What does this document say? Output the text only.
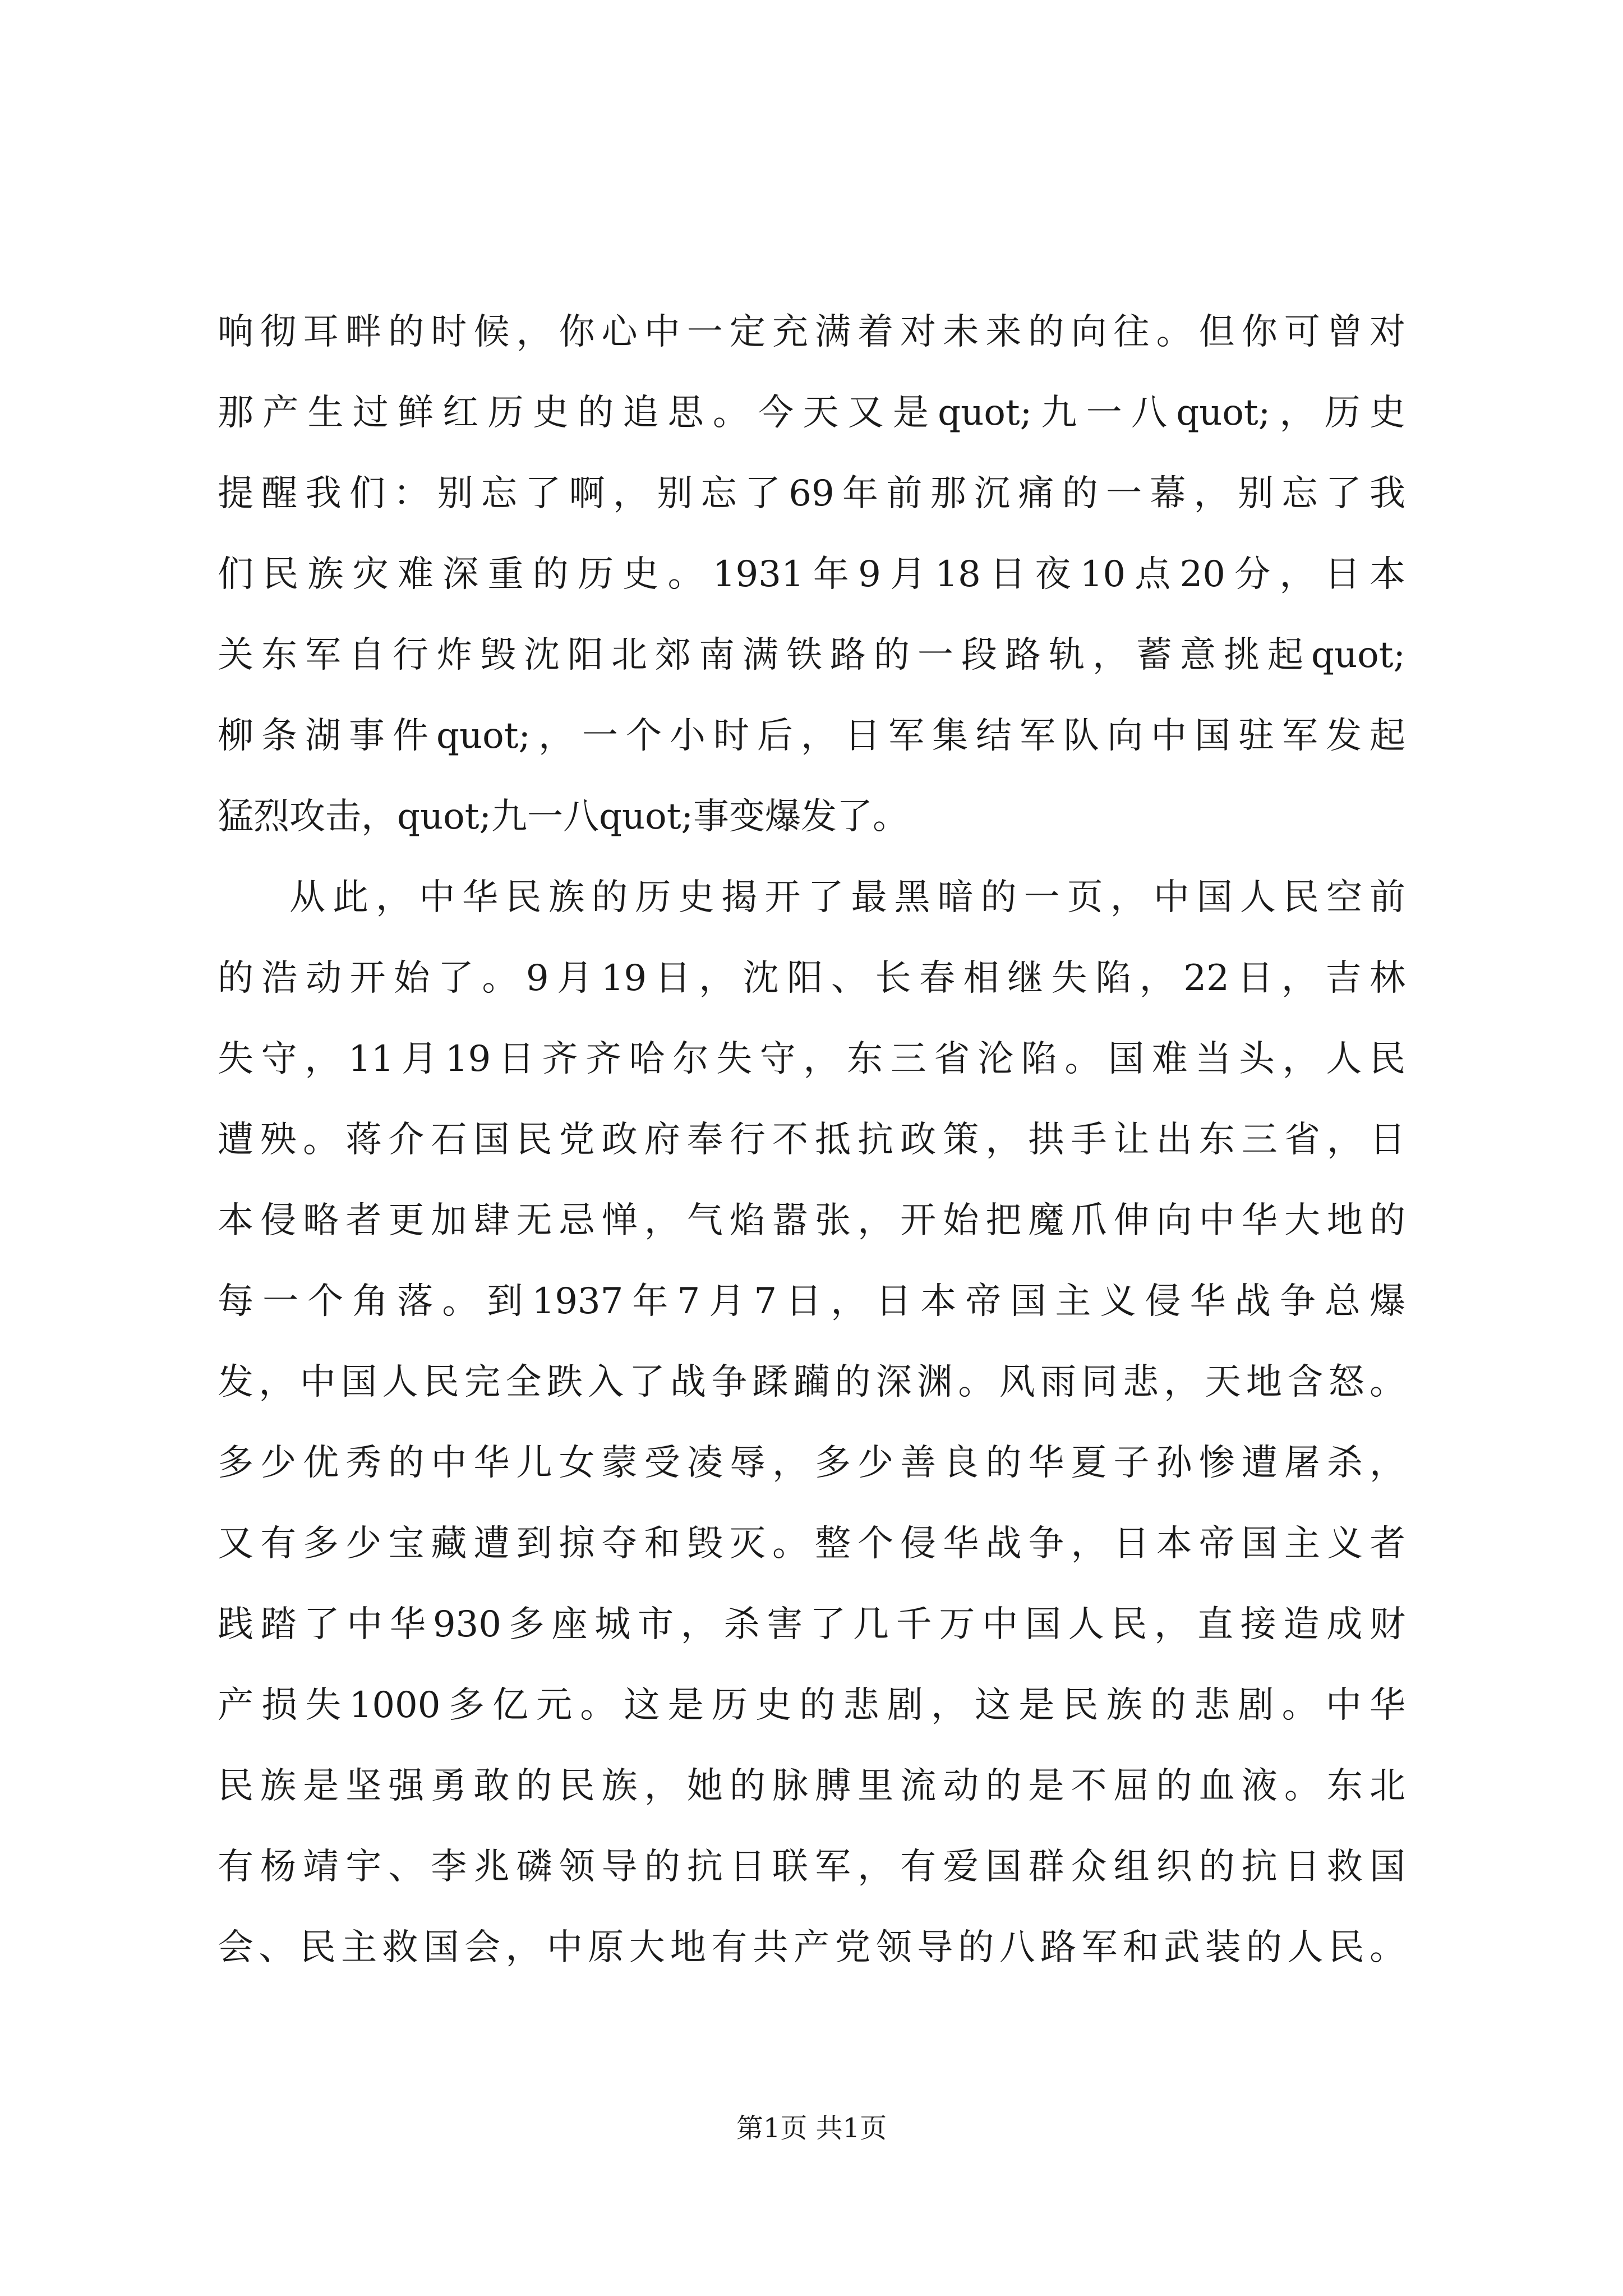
响彻耳畔的时候，你心中一定充满着对未来的向往。但你可曾对
那产生过鲜红历史的追思。今天又是quot;九一八quot;，历史
提醒我们：别忘了啊，别忘了69年前那沉痛的一幕，别忘了我
们民族灾难深重的历史。1931年9月18日夜10点20分，日本
关东军自行炸毁沈阳北郊南满铁路的一段路轨，蓄意挑起quot;
柳条湖事件quot;，一个小时后，日军集结军队向中国驻军发起
猛烈攻击，quot;九一八quot;事变爆发了。
从此，中华民族的历史揭开了最黑暗的一页，中国人民空前
的浩动开始了。9月19日，沈阳、长春相继失陷，22日，吉林
失守，11月19日齐齐哈尔失守，东三省沦陷。国难当头，人民
遭殃。蒋介石国民党政府奉行不抵抗政策，拱手让出东三省，日
本侵略者更加肆无忌惮，气焰嚣张，开始把魔爪伸向中华大地的
每一个角落。到1937年7月7日，日本帝国主义侵华战争总爆
发，中国人民完全跌入了战争蹂躏的深渊。风雨同悲，天地含怒。
多少优秀的中华儿女蒙受凌辱，多少善良的华夏子孙惨遭屠杀，
又有多少宝藏遭到掠夺和毁灭。整个侵华战争，日本帝国主义者
践踏了中华930多座城市，杀害了几千万中国人民，直接造成财
产损失1000多亿元。这是历史的悲剧，这是民族的悲剧。中华
民族是坚强勇敢的民族，她的脉膊里流动的是不屈的血液。东北
有杨靖宇、李兆磷领导的抗日联军，有爱国群众组织的抗日救国
会、民主救国会，中原大地有共产党领导的八路军和武装的人民。
第1页 共1页
